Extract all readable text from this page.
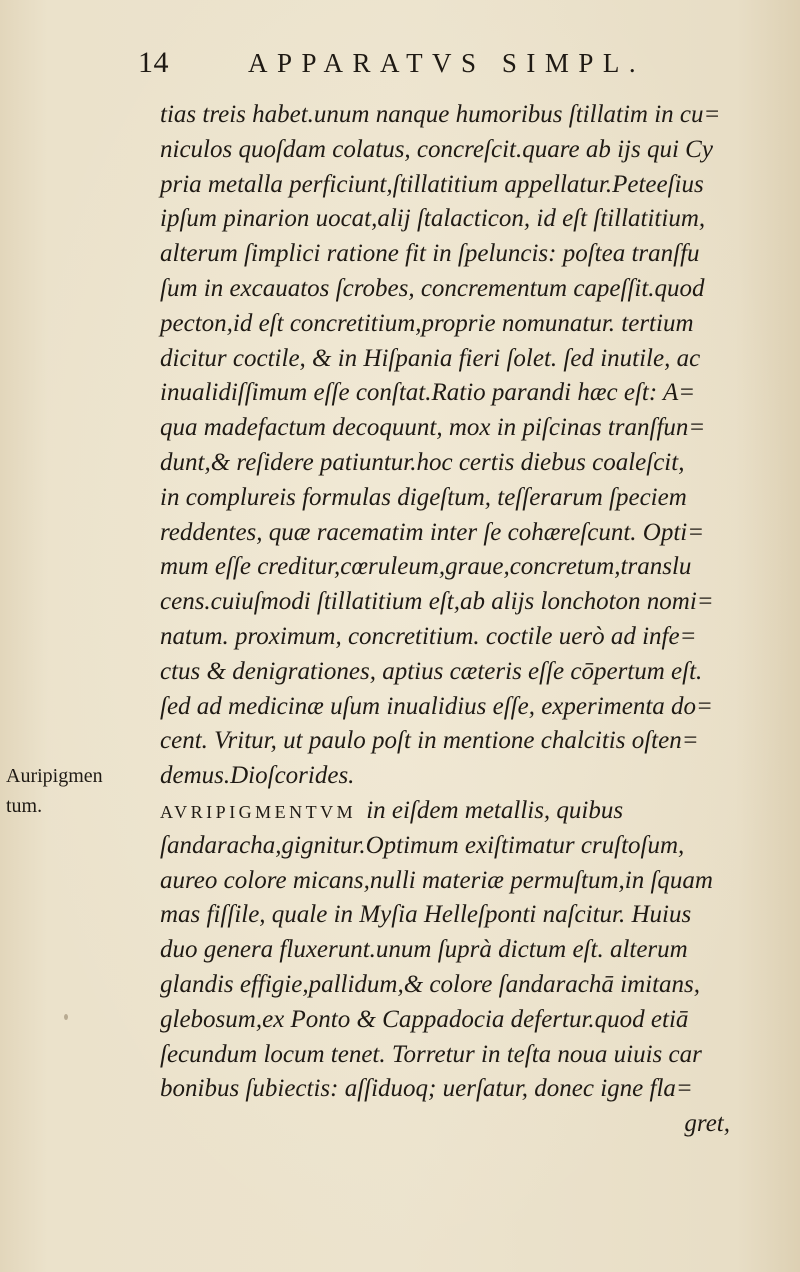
14	APPARATVS SIMPL.
Auripigmen
tum.
tias treis habet.unum nanque humoribus ſtillatim in cu=
niculos quoſdam colatus, concreſcit.quare ab ijs qui Cy
pria metalla perficiunt,ſtillatitium appellatur.Peteeſius
ipſum pinarion uocat,alij ſtalacticon, id eſt ſtillatitium,
alterum ſimplici ratione fit in ſpeluncis: poſtea tranſfu
ſum in excauatos ſcrobes, concrementum capeſſit.quod
pecton,id eſt concretitium,proprie nomunatur. tertium
dicitur coctile, & in Hiſpania fieri ſolet. ſed inutile, ac
inualidiſſimum eſſe conſtat.Ratio parandi hæc eſt: A=
qua madefactum decoquunt, mox in piſcinas tranſfun=
dunt,& reſidere patiuntur.hoc certis diebus coaleſcit,
in complureis formulas digeſtum, teſſerarum ſpeciem
reddentes, quæ racematim inter ſe cohæreſcunt. Opti=
mum eſſe creditur,cœruleum,graue,concretum,translu
cens.cuiuſmodi ſtillatitium eſt,ab alijs lonchoton nomi=
natum. proximum, concretitium. coctile uerò ad infe=
ctus & denigrationes, aptius cæteris eſſe cōpertum eſt.
ſed ad medicinæ uſum inualidius eſſe, experimenta do=
cent. Vritur, ut paulo poſt in mentione chalcitis oſten=
demus.Dioſcorides.
AVRIPIGMENTVM in eiſdem metallis, quibus
ſandaracha,gignitur.Optimum exiſtimatur cruſtoſum,
aureo colore micans,nulli materiæ permuſtum,in ſquam
mas fiſſile, quale in Myſia Helleſponti naſcitur. Huius
duo genera fluxerunt.unum ſuprà dictum eſt. alterum
glandis effigie,pallidum,& colore ſandarachā imitans,
glebosum,ex Ponto & Cappadocia defertur.quod etiā
ſecundum locum tenet. Torretur in teſta noua uiuis car
bonibus ſubiectis: aſſiduoq; uerſatur, donec igne fla=
gret,
